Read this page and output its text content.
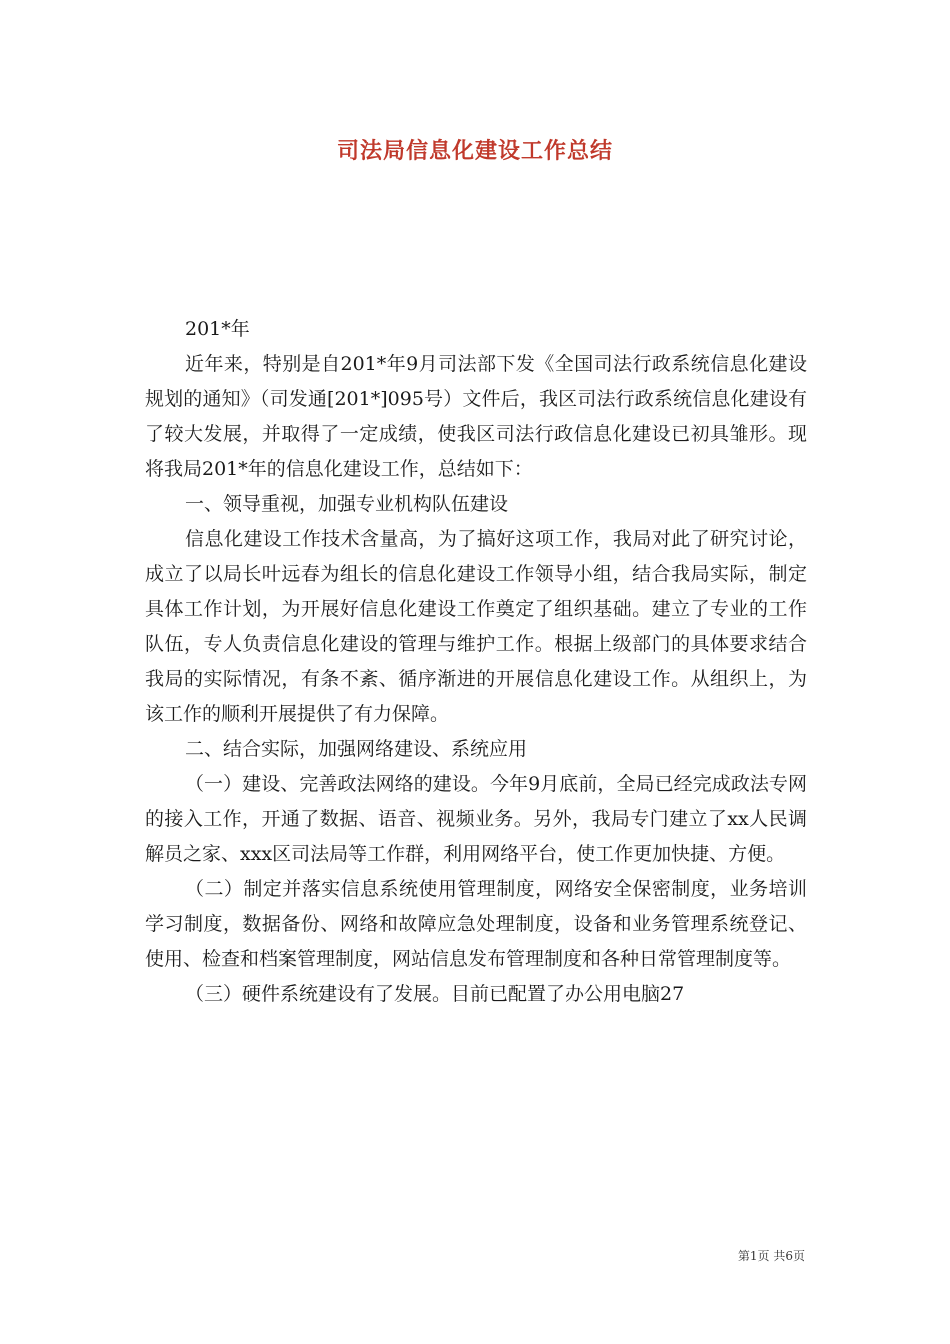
司法局信息化建设工作总结

201*年

近年来，特别是自201*年9月司法部下发《全国司法行政系统信息化建设规划的通知》（司发通[201*]095号）文件后，我区司法行政系统信息化建设有了较大发展，并取得了一定成绩，使我区司法行政信息化建设已初具雏形。现将我局201*年的信息化建设工作，总结如下：

一、领导重视，加强专业机构队伍建设

信息化建设工作技术含量高，为了搞好这项工作，我局对此了研究讨论，成立了以局长叶远春为组长的信息化建设工作领导小组，结合我局实际，制定具体工作计划，为开展好信息化建设工作奠定了组织基础。建立了专业的工作队伍，专人负责信息化建设的管理与维护工作。根据上级部门的具体要求结合我局的实际情况，有条不紊、循序渐进的开展信息化建设工作。从组织上，为该工作的顺利开展提供了有力保障。

二、结合实际，加强网络建设、系统应用

（一）建设、完善政法网络的建设。今年9月底前，全局已经完成政法专网的接入工作，开通了数据、语音、视频业务。另外，我局专门建立了xx人民调解员之家、xxx区司法局等工作群，利用网络平台，使工作更加快捷、方便。

（二）制定并落实信息系统使用管理制度，网络安全保密制度，业务培训学习制度，数据备份、网络和故障应急处理制度，设备和业务管理系统登记、使用、检查和档案管理制度，网站信息发布管理制度和各种日常管理制度等。

（三）硬件系统建设有了发展。目前已配置了办公用电脑27

第1页 共6页
